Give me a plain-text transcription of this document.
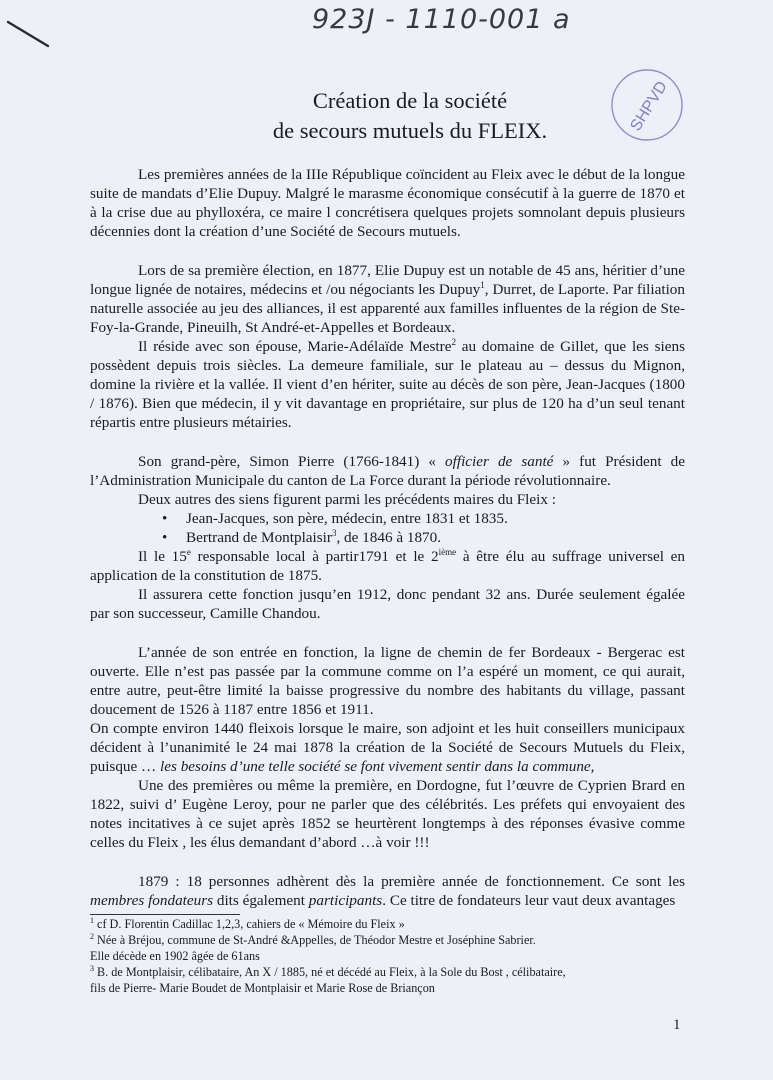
923J - 1110-001 a
SHPVD
Création de la société
de secours mutuels du FLEIX.

Les premières années de la IIIe République coïncident au Fleix avec le début de la longue suite de mandats d’Elie Dupuy. Malgré le marasme économique consécutif à la guerre de 1870 et à la crise due au phylloxéra, ce maire l concrétisera quelques projets somnolant depuis plusieurs décennies dont la création d’une Société de Secours mutuels.

Lors de sa première élection, en 1877, Elie Dupuy est un notable de 45 ans, héritier d’une longue lignée de notaires, médecins et /ou négociants les Dupuy$^1$, Durret, de Laporte. Par filiation naturelle associée au jeu des alliances, il est apparenté aux familles influentes de la région de Ste-Foy-la-Grande, Pineuilh, St André-et-Appelles et Bordeaux.

Il réside avec son épouse, Marie-Adélaïde Mestre$^2$ au domaine de Gillet, que les siens possèdent depuis trois siècles. La demeure familiale, sur le plateau au – dessus du Mignon, domine la rivière et la vallée. Il vient d’en hériter, suite au décès de son père, Jean-Jacques (1800 / 1876). Bien que médecin, il y vit davantage en propriétaire, sur plus de 120 ha d’un seul tenant répartis entre plusieurs métairies.

Son grand-père, Simon Pierre (1766-1841) « officier de santé » fut Président de l’Administration Municipale du canton de La Force durant la période révolutionnaire.

Deux autres des siens figurent parmi les précédents maires du Fleix :

• Jean-Jacques, son père, médecin, entre 1831 et 1835.
• Bertrand de Montplaisir$^3$, de 1846 à 1870.

Il le 15e responsable local à partir1791 et le 2ième à être élu au suffrage universel en application de la constitution de 1875.

Il assurera cette fonction jusqu’en 1912, donc pendant 32 ans. Durée seulement égalée par son successeur, Camille Chandou.

L’année de son entrée en fonction, la ligne de chemin de fer Bordeaux - Bergerac est ouverte. Elle n’est pas passée par la commune comme on l’a espéré un moment, ce qui aurait, entre autre, peut-être limité la baisse progressive du nombre des habitants du village, passant doucement de 1526 à 1187 entre 1856 et 1911.

On compte environ 1440 fleixois lorsque le maire, son adjoint et les huit conseillers municipaux décident à l’unanimité le 24 mai 1878 la création de la Société de Secours Mutuels du Fleix, puisque … les besoins d’une telle société se font vivement sentir dans la commune,

Une des premières ou même la première, en Dordogne, fut l’œuvre de Cyprien Brard en 1822, suivi d’ Eugène Leroy, pour ne parler que des célébrités. Les préfets qui envoyaient des notes incitatives à ce sujet après 1852 se heurtèrent longtemps à des réponses évasive comme celles du Fleix , les élus demandant d’abord …à voir !!!

1879 : 18 personnes adhèrent dès la première année de fonctionnement. Ce sont les membres fondateurs dits également participants. Ce titre de fondateurs leur vaut deux avantages

$^1$ cf D. Florentin Cadillac 1,2,3, cahiers de « Mémoire du Fleix »

$^2$ Née à Bréjou, commune de St-André &Appelles, de Théodor Mestre et Joséphine Sabrier.

Elle décède en 1902 âgée de 61ans

$^3$ B. de Montplaisir, célibataire, An X / 1885, né et décédé au Fleix, à la Sole du Bost , célibataire,

fils de Pierre- Marie Boudet de Montplaisir et Marie Rose de Briançon

1
